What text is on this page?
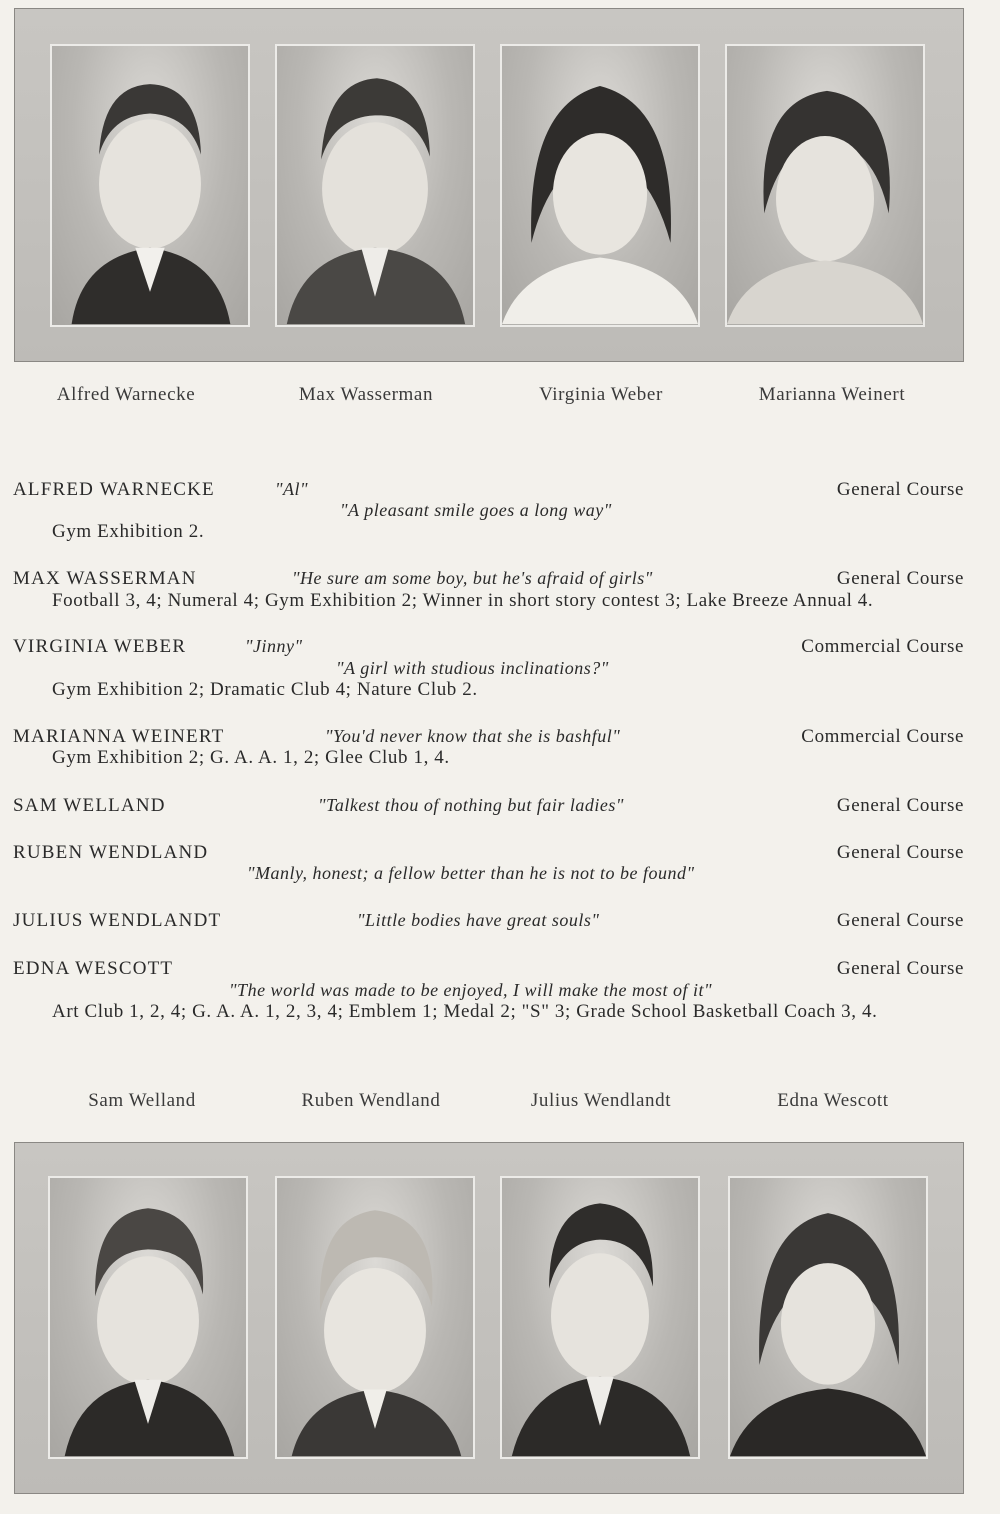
Alfred Warnecke	Max Wasserman	Virginia Weber	Marianna Weinert
ALFRED WARNECKE	"Al"	General Course
"A pleasant smile goes a long way"
Gym Exhibition 2.
MAX WASSERMAN	"He sure am some boy, but he's afraid of girls"	General Course
Football 3, 4; Numeral 4; Gym Exhibition 2; Winner in short story contest 3; Lake Breeze Annual 4.
VIRGINIA WEBER	"Jinny"	Commercial Course
"A girl with studious inclinations?"
Gym Exhibition 2; Dramatic Club 4; Nature Club 2.
MARIANNA WEINERT	"You'd never know that she is bashful"	Commercial Course
Gym Exhibition 2; G. A. A. 1, 2; Glee Club 1, 4.
SAM WELLAND	"Talkest thou of nothing but fair ladies"	General Course
RUBEN WENDLAND	General Course
"Manly, honest; a fellow better than he is not to be found"
JULIUS WENDLANDT	"Little bodies have great souls"	General Course
EDNA WESCOTT	General Course
"The world was made to be enjoyed, I will make the most of it"
Art Club 1, 2, 4; G. A. A. 1, 2, 3, 4; Emblem 1; Medal 2; "S" 3; Grade School Basketball Coach 3, 4.
Sam Welland	Ruben Wendland	Julius Wendlandt	Edna Wescott
